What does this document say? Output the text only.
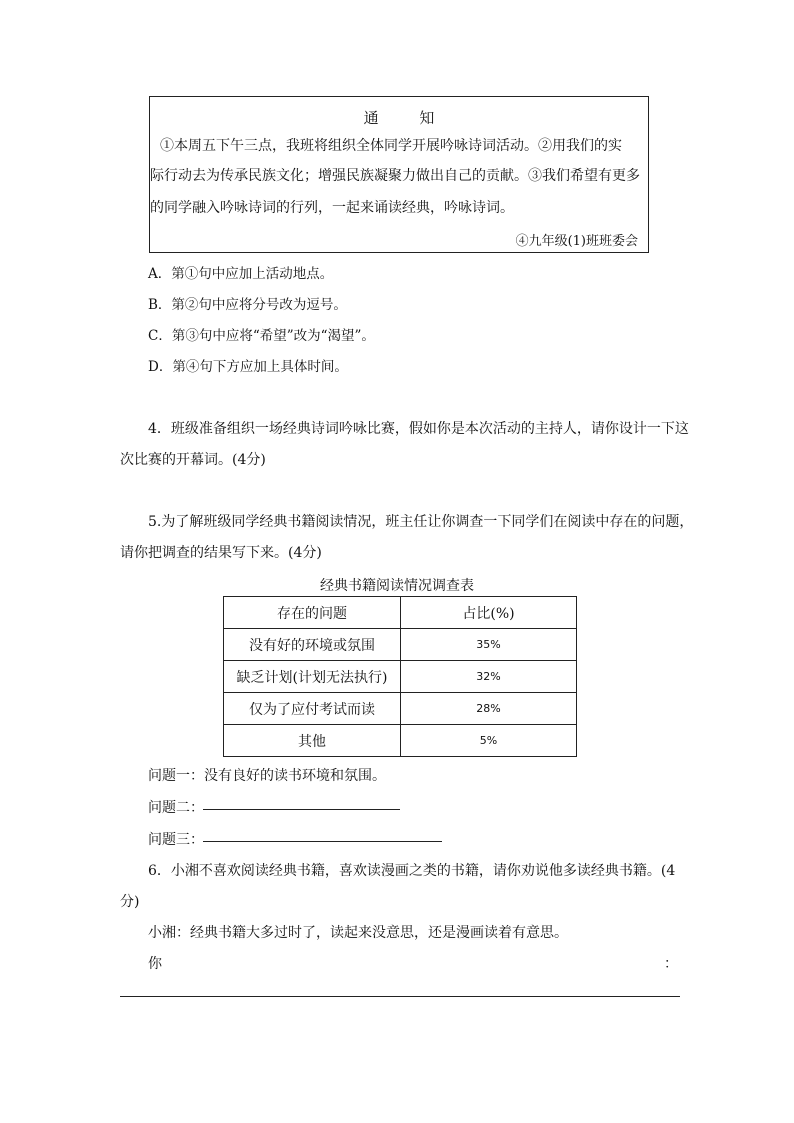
通 知
①本周五下午三点，我班将组织全体同学开展吟咏诗词活动。②用我们的实
际行动去为传承民族文化；增强民族凝聚力做出自己的贡献。③我们希望有更多
的同学融入吟咏诗词的行列，一起来诵读经典，吟咏诗词。
④九年级(1)班班委会
A．第①句中应加上活动地点。
B．第②句中应将分号改为逗号。
C．第③句中应将“希望”改为“渴望”。
D．第④句下方应加上具体时间。
4．班级准备组织一场经典诗词吟咏比赛，假如你是本次活动的主持人，请你设计一下这
次比赛的开幕词。(4分)
5.为了解班级同学经典书籍阅读情况，班主任让你调查一下同学们在阅读中存在的问题，
请你把调查的结果写下来。(4分)
经典书籍阅读情况调查表
存在的问题	占比(%)
没有好的环境或氛围	35%
缺乏计划(计划无法执行)	32%
仅为了应付考试而读	28%
其他	5%
问题一：没有良好的读书环境和氛围。
问题二：
问题三：
6．小湘不喜欢阅读经典书籍，喜欢读漫画之类的书籍，请你劝说他多读经典书籍。(4
分)
小湘：经典书籍大多过时了，读起来没意思，还是漫画读着有意思。
你	：
